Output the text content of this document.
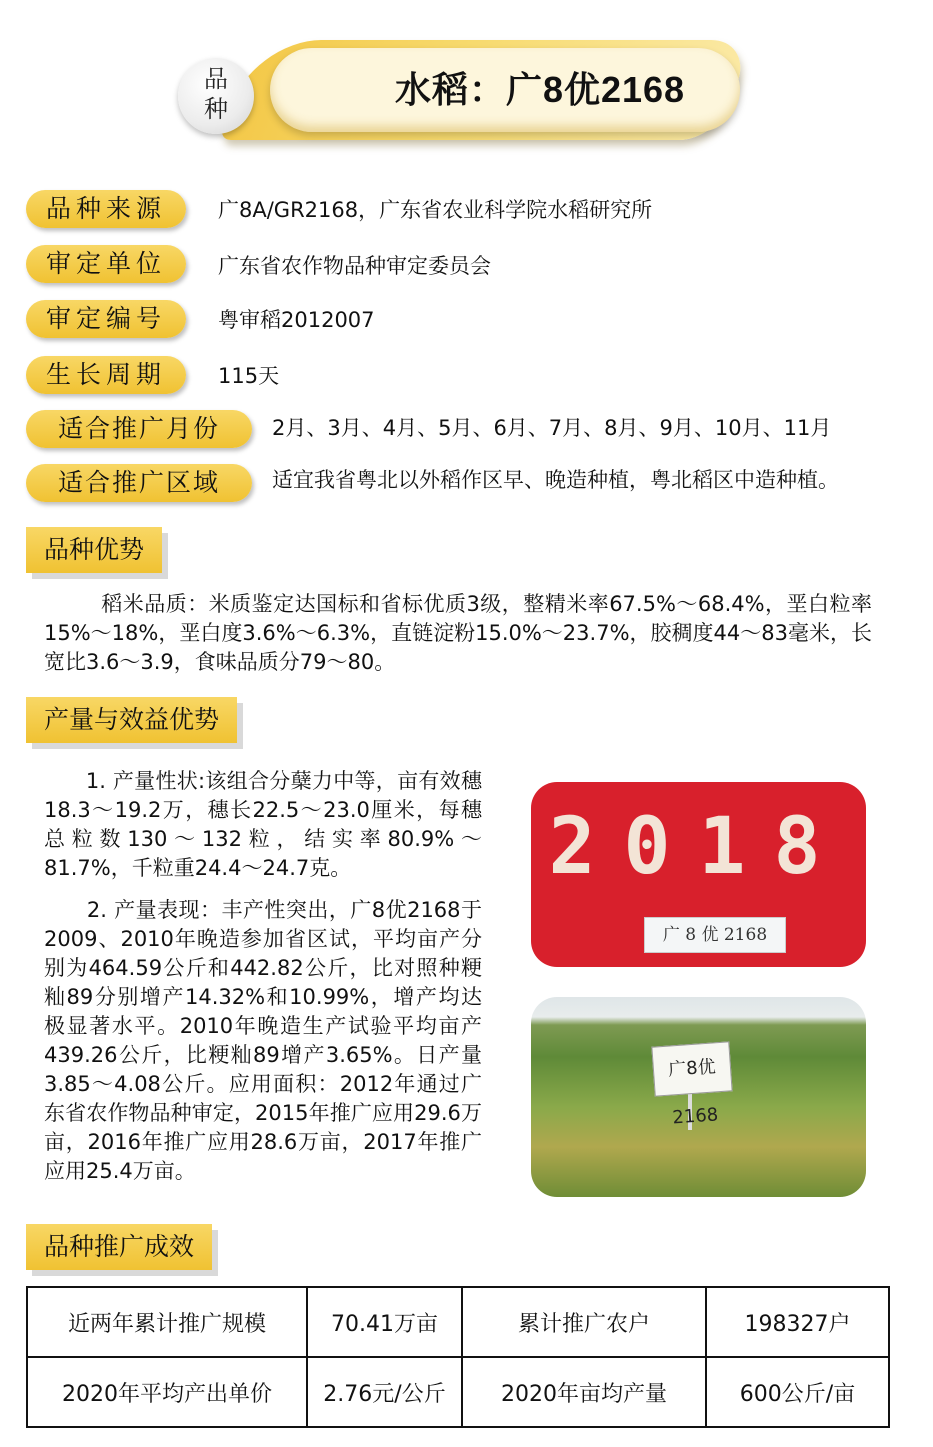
品
种	水稻：广8优2168
品种来源	广8A/GR2168，广东省农业科学院水稻研究所
审定单位	广东省农作物品种审定委员会
审定编号	粤审稻2012007
生长周期	115天
适合推广月份	2月、3月、4月、5月、6月、7月、8月、9月、10月、11月
适合推广区域	适宜我省粤北以外稻作区早、晚造种植，粤北稻区中造种植。
品种优势
稻米品质：米质鉴定达国标和省标优质3级，整精米率67.5%～68.4%，垩白粒率15%～18%，垩白度3.6%～6.3%，直链淀粉15.0%～23.7%，胶稠度44～83毫米，长宽比3.6～3.9，食味品质分79～80。
产量与效益优势
1. 产量性状:该组合分蘖力中等，亩有效穗18.3～19.2万，穗长22.5～23.0厘米，每穗总粒数130～132粒，结实率80.9%～81.7%，千粒重24.4～24.7克。
2. 产量表现：丰产性突出，广8优2168于2009、2010年晚造参加省区试，平均亩产分别为464.59公斤和442.82公斤，比对照种粳籼89分别增产14.32%和10.99%，增产均达极显著水平。2010年晚造生产试验平均亩产439.26公斤，比粳籼89增产3.65%。日产量3.85～4.08公斤。应用面积：2012年通过广东省农作物品种审定，2015年推广应用29.6万亩，2016年推广应用28.6万亩，2017年推广应用25.4万亩。
2018
广 8 优 2168
广8优2168
品种推广成效
近两年累计推广规模	70.41万亩	累计推广农户	198327户
2020年平均产出单价	2.76元/公斤	2020年亩均产量	600公斤/亩
